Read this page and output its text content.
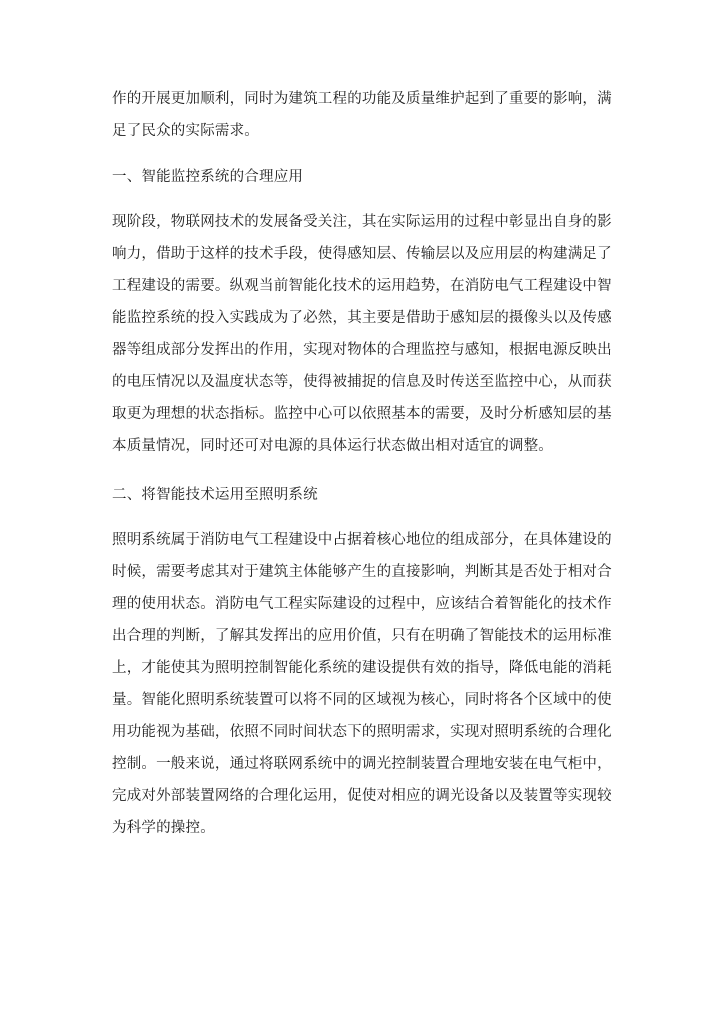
作的开展更加顺利，同时为建筑工程的功能及质量维护起到了重要的影响，满
足了民众的实际需求。
一、智能监控系统的合理应用
现阶段，物联网技术的发展备受关注，其在实际运用的过程中彰显出自身的影
响力，借助于这样的技术手段，使得感知层、传输层以及应用层的构建满足了
工程建设的需要。纵观当前智能化技术的运用趋势，在消防电气工程建设中智
能监控系统的投入实践成为了必然，其主要是借助于感知层的摄像头以及传感
器等组成部分发挥出的作用，实现对物体的合理监控与感知，根据电源反映出
的电压情况以及温度状态等，使得被捕捉的信息及时传送至监控中心，从而获
取更为理想的状态指标。监控中心可以依照基本的需要，及时分析感知层的基
本质量情况，同时还可对电源的具体运行状态做出相对适宜的调整。
二、将智能技术运用至照明系统
照明系统属于消防电气工程建设中占据着核心地位的组成部分，在具体建设的
时候，需要考虑其对于建筑主体能够产生的直接影响，判断其是否处于相对合
理的使用状态。消防电气工程实际建设的过程中，应该结合着智能化的技术作
出合理的判断，了解其发挥出的应用价值，只有在明确了智能技术的运用标准
上，才能使其为照明控制智能化系统的建设提供有效的指导，降低电能的消耗
量。智能化照明系统装置可以将不同的区域视为核心，同时将各个区域中的使
用功能视为基础，依照不同时间状态下的照明需求，实现对照明系统的合理化
控制。一般来说，通过将联网系统中的调光控制装置合理地安装在电气柜中，
完成对外部装置网络的合理化运用，促使对相应的调光设备以及装置等实现较
为科学的操控。
